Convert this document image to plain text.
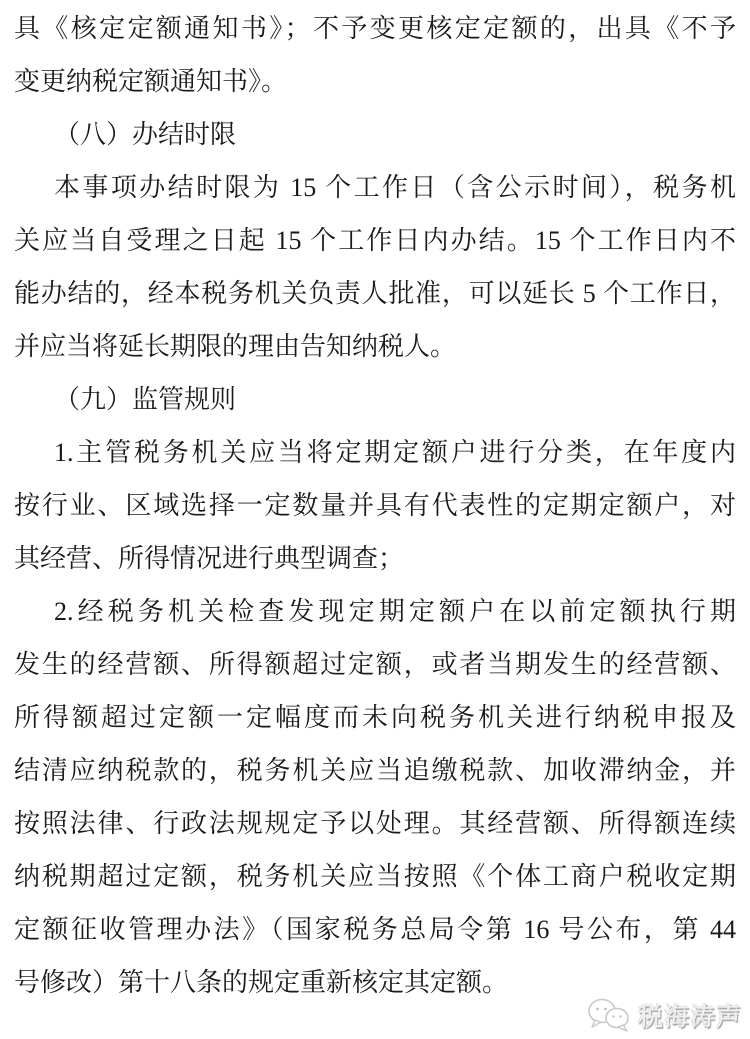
具《核定定额通知书》；不予变更核定定额的，出具《不予
变更纳税定额通知书》。
（八）办结时限
本事项办结时限为 15 个工作日（含公示时间），税务机
关应当自受理之日起 15 个工作日内办结。15 个工作日内不
能办结的，经本税务机关负责人批准，可以延长 5 个工作日，
并应当将延长期限的理由告知纳税人。
（九）监管规则
1.主管税务机关应当将定期定额户进行分类，在年度内
按行业、区域选择一定数量并具有代表性的定期定额户，对
其经营、所得情况进行典型调查；
2.经税务机关检查发现定期定额户在以前定额执行期
发生的经营额、所得额超过定额，或者当期发生的经营额、
所得额超过定额一定幅度而未向税务机关进行纳税申报及
结清应纳税款的，税务机关应当追缴税款、加收滞纳金，并
按照法律、行政法规规定予以处理。其经营额、所得额连续
纳税期超过定额，税务机关应当按照《个体工商户税收定期
定额征收管理办法》（国家税务总局令第 16 号公布，第 44
号修改）第十八条的规定重新核定其定额。
税海涛声
